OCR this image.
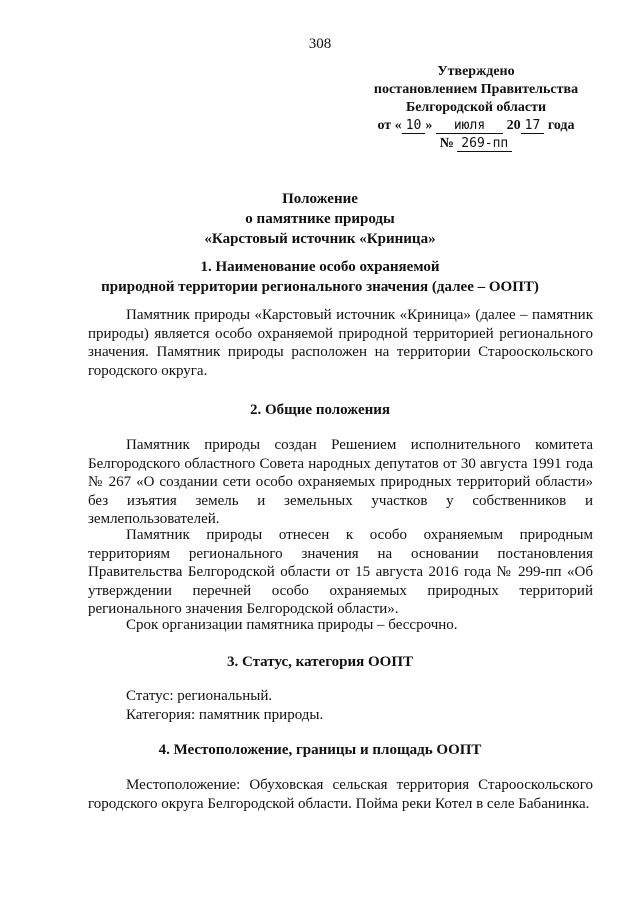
308
Утверждено
постановлением Правительства
Белгородской области
от « 10 » июля 20 17 года
№ 269-пп
Положение
о памятнике природы
«Карстовый источник «Криница»
1. Наименование особо охраняемой
природной территории регионального значения (далее – ООПТ)
Памятник природы «Карстовый источник «Криница» (далее – памятник природы) является особо охраняемой природной территорией регионального значения. Памятник природы расположен на территории Старооскольского городского округа.
2. Общие положения
Памятник природы создан Решением исполнительного комитета Белгородского областного Совета народных депутатов от 30 августа 1991 года № 267 «О создании сети особо охраняемых природных территорий области» без изъятия земель и земельных участков у собственников и землепользователей.
Памятник природы отнесен к особо охраняемым природным территориям регионального значения на основании постановления Правительства Белгородской области от 15 августа 2016 года № 299-пп «Об утверждении перечней особо охраняемых природных территорий регионального значения Белгородской области».
Срок организации памятника природы – бессрочно.
3. Статус, категория ООПТ
Статус: региональный.
Категория: памятник природы.
4. Местоположение, границы и площадь ООПТ
Местоположение: Обуховская сельская территория Старооскольского городского округа Белгородской области. Пойма реки Котел в селе Бабанинка.
